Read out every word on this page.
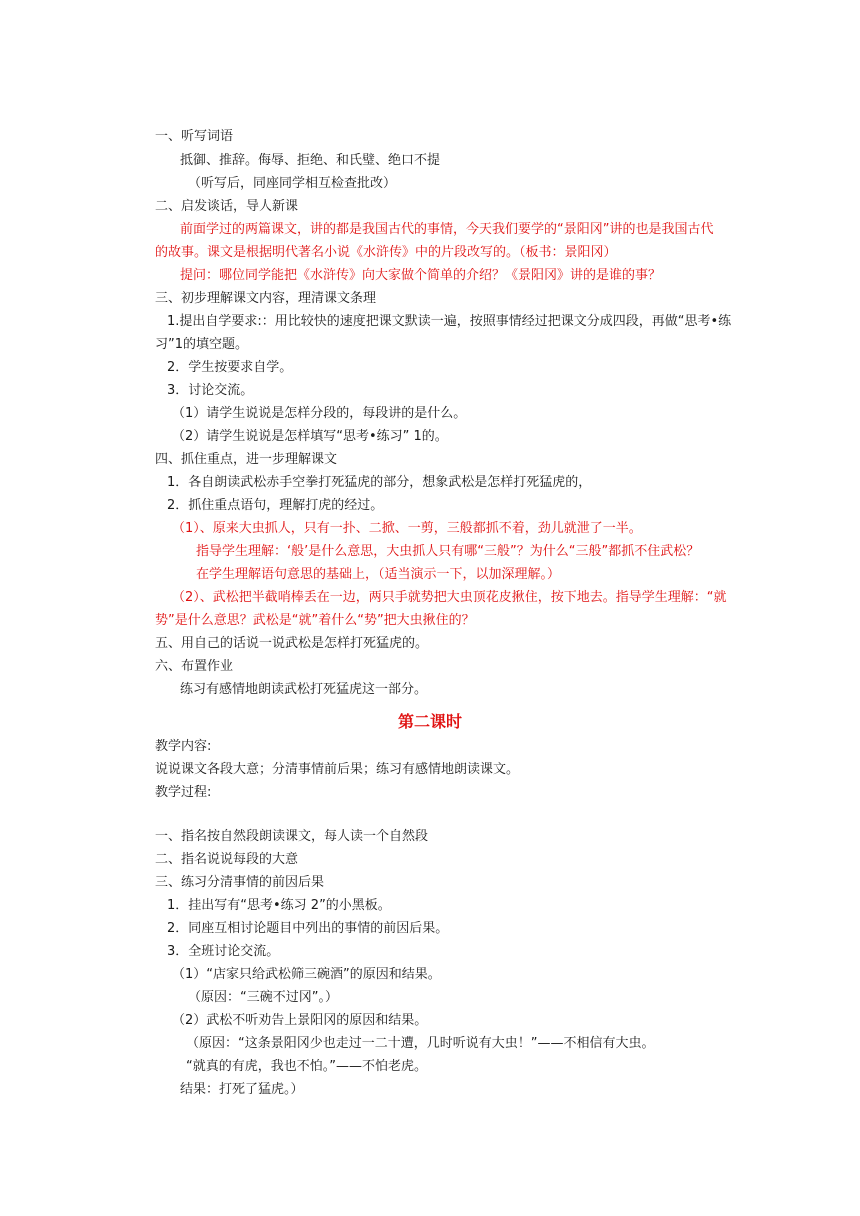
一、听写词语
抵御、推辞。侮辱、拒绝、和氏璧、绝口不提
（听写后，同座同学相互检查批改）
二、启发谈话，导人新课
前面学过的两篇课文，讲的都是我国古代的事情，今天我们要学的“景阳冈”讲的也是我国古代
的故事。课文是根据明代著名小说《水浒传》中的片段改写的。（板书：景阳冈）
提问：哪位同学能把《水浒传》向大家做个简单的介绍？《景阳冈》讲的是谁的事？
三、初步理解课文内容，理清课文条理
1.提出自学要求:：用比较快的速度把课文默读一遍，按照事情经过把课文分成四段，再做“思考•练
习”1的填空题。
2．学生按要求自学。
3．讨论交流。
（1）请学生说说是怎样分段的，每段讲的是什么。
（2）请学生说说是怎样填写“思考•练习” 1的。
四、抓住重点，进一步理解课文
1．各自朗读武松赤手空拳打死猛虎的部分，想象武松是怎样打死猛虎的，
2．抓住重点语句，理解打虎的经过。
（1）、原来大虫抓人，只有一扑、二掀、一剪，三般都抓不着，劲儿就泄了一半。
指导学生理解：‘般’是什么意思，大虫抓人只有哪“三般”？为什么“三般”都抓不住武松？
在学生理解语句意思的基础上，（适当演示一下，以加深理解。）
（2）、武松把半截哨棒丢在一边，两只手就势把大虫顶花皮揪住，按下地去。指导学生理解：“就
势”是什么意思？武松是“就”着什么“势”把大虫揪住的？
五、用自己的话说一说武松是怎样打死猛虎的。
六、布置作业
练习有感情地朗读武松打死猛虎这一部分。
第二课时
教学内容:
说说课文各段大意；分清事情前后果；练习有感情地朗读课文。
教学过程:
一、指名按自然段朗读课文，每人读一个自然段
二、指名说说每段的大意
三、练习分清事情的前因后果
1．挂出写有“思考•练习 2”的小黑板。
2．同座互相讨论题目中列出的事情的前因后果。
3．全班讨论交流。
（1）“店家只给武松筛三碗酒”的原因和结果。
（原因：“三碗不过冈”。）
（2）武松不听劝告上景阳冈的原因和结果。
（原因：“这条景阳冈少也走过一二十遭，几时听说有大虫！”——不相信有大虫。
“就真的有虎，我也不怕。”——不怕老虎。
结果：打死了猛虎。）
